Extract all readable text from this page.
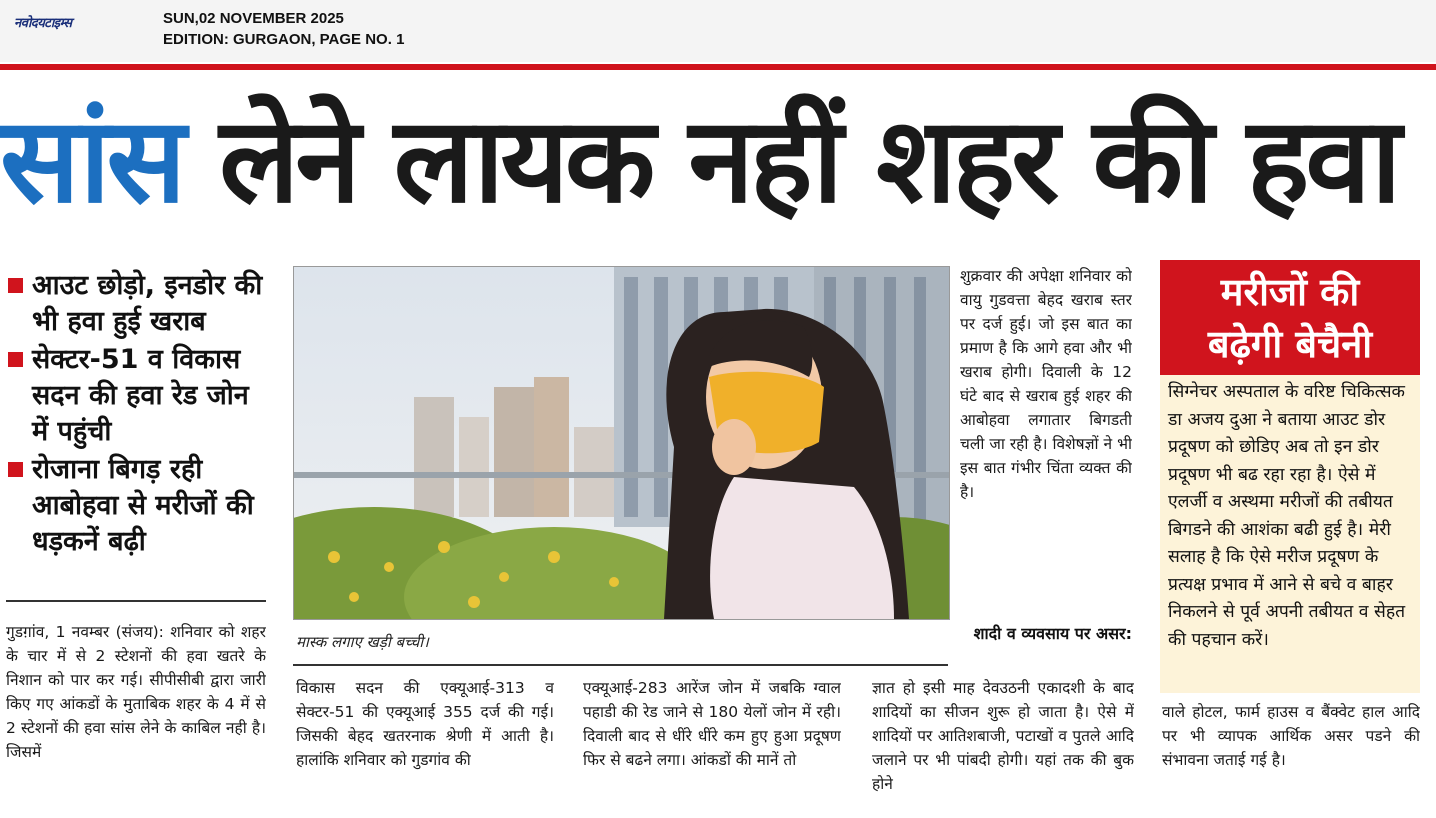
नवोदयटाइम्स	SUN,02 NOVEMBER 2025
EDITION: GURGAON, PAGE NO. 1
सांस लेने लायक नहीं शहर की हवा
आउट छोड़ो, इनडोर की भी हवा हुई खराब
सेक्टर-51 व विकास सदन की हवा रेड जोन में पहुंची
रोजाना बिगड़ रही आबोहवा से मरीजों की धड़कनें बढ़ी
गुडग़ांव, 1 नवम्बर (संजय): शनिवार को शहर के चार में से 2 स्टेशनों की हवा खतरे के निशान को पार कर गई। सीपीसीबी द्वारा जारी किए गए आंकडों के मुताबिक शहर के 4 में से 2 स्टेशनों की हवा सांस लेने के काबिल नही है। जिसमें
मास्क लगाए खड़ी बच्ची।
विकास सदन की एक्यूआई-313 व सेक्टर-51 की एक्यूआई 355 दर्ज की गई। जिसकी बेहद खतरनाक श्रेणी में आती है। हालांकि शनिवार को गुडगांव की
एक्यूआई-283 आरेंज जोन में जबकि ग्वाल पहाडी की रेड जाने से 180 येलों जोन में रही। दिवाली बाद से धींरे धींरे कम हुए हुआ प्रदूषण फिर से बढने लगा। आंकडों की मानें तो
शुक्रवार की अपेक्षा शनिवार को वायु गुडवत्ता बेहद खराब स्तर पर दर्ज हुई। जो इस बात का प्रमाण है कि आगे हवा और भी खराब होगी। दिवाली के 12 घंटे बाद से खराब हुई शहर की आबोहवा लगातार बिगडती चली जा रही है। विशेषज्ञों ने भी इस बात गंभीर चिंता व्यक्त की है।
शादी व व्यवसाय पर असर:
ज्ञात हो इसी माह देवउठनी एकादशी के बाद शादियों का सीजन शुरू हो जाता है। ऐसे में शादियों पर आतिशबाजी, पटाखों व पुतले आदि जलाने पर भी पांबदी होगी। यहां तक की बुक होने
मरीजों की
बढ़ेगी बेचैनी
सिग्नेचर अस्पताल के वरिष्ट चिकित्सक डा अजय दुआ ने बताया आउट डोर प्रदूषण को छोडिए अब तो इन डोर प्रदूषण भी बढ रहा रहा है। ऐसे में एलर्जी व अस्थमा मरीजों की तबीयत बिगडने की आशंका बढी हुई है। मेरी सलाह है कि ऐसे मरीज प्रदूषण के प्रत्यक्ष प्रभाव में आने से बचे व बाहर निकलने से पूर्व अपनी तबीयत व सेहत की पहचान करें।
वाले होटल, फार्म हाउस व बैंक्वेट हाल आदि पर भी व्यापक आर्थिक असर पडने की संभावना जताई गई है।
